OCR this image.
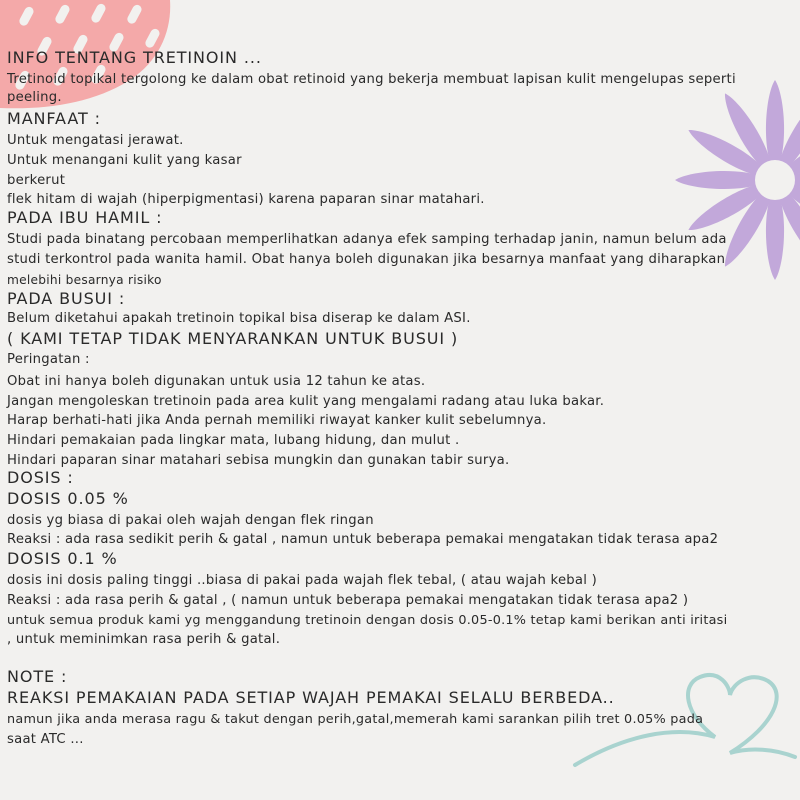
INFO TENTANG TRETINOIN ...
Tretinoid topikal tergolong ke dalam obat retinoid yang bekerja membuat lapisan kulit mengelupas seperti peeling.
MANFAAT :
Untuk mengatasi jerawat.
Untuk menangani kulit yang kasar
berkerut
flek hitam di wajah (hiperpigmentasi) karena paparan sinar matahari.
PADA IBU HAMIL :
Studi pada binatang percobaan memperlihatkan adanya efek samping terhadap janin, namun belum ada
studi terkontrol pada wanita hamil. Obat hanya boleh digunakan jika besarnya manfaat yang diharapkan
melebihi besarnya risiko
PADA BUSUI :
Belum diketahui apakah tretinoin topikal bisa diserap ke dalam ASI.
( KAMI TETAP TIDAK MENYARANKAN UNTUK BUSUI )
Peringatan :
Obat ini hanya boleh digunakan untuk usia 12 tahun ke atas.
Jangan mengoleskan tretinoin pada area kulit yang mengalami radang atau luka bakar.
Harap berhati-hati jika Anda pernah memiliki riwayat kanker kulit sebelumnya.
Hindari pemakaian pada lingkar mata, lubang hidung, dan mulut .
Hindari paparan sinar matahari sebisa mungkin dan gunakan tabir surya.
DOSIS :
DOSIS 0.05 %
dosis yg biasa di pakai oleh wajah dengan flek ringan
Reaksi : ada rasa sedikit perih & gatal , namun untuk beberapa pemakai mengatakan tidak terasa apa2
DOSIS 0.1 %
dosis ini dosis paling tinggi ..biasa di pakai pada wajah flek tebal, ( atau wajah kebal )
Reaksi : ada rasa perih & gatal , ( namun untuk beberapa pemakai mengatakan tidak terasa apa2 )
untuk semua produk kami yg menggandung tretinoin dengan dosis 0.05-0.1% tetap kami berikan anti iritasi
, untuk meminimkan rasa perih & gatal.
NOTE :
REAKSI PEMAKAIAN PADA SETIAP WAJAH PEMAKAI SELALU BERBEDA..
namun jika anda merasa ragu & takut dengan perih,gatal,memerah kami sarankan pilih tret 0.05% pada
saat ATC ...
